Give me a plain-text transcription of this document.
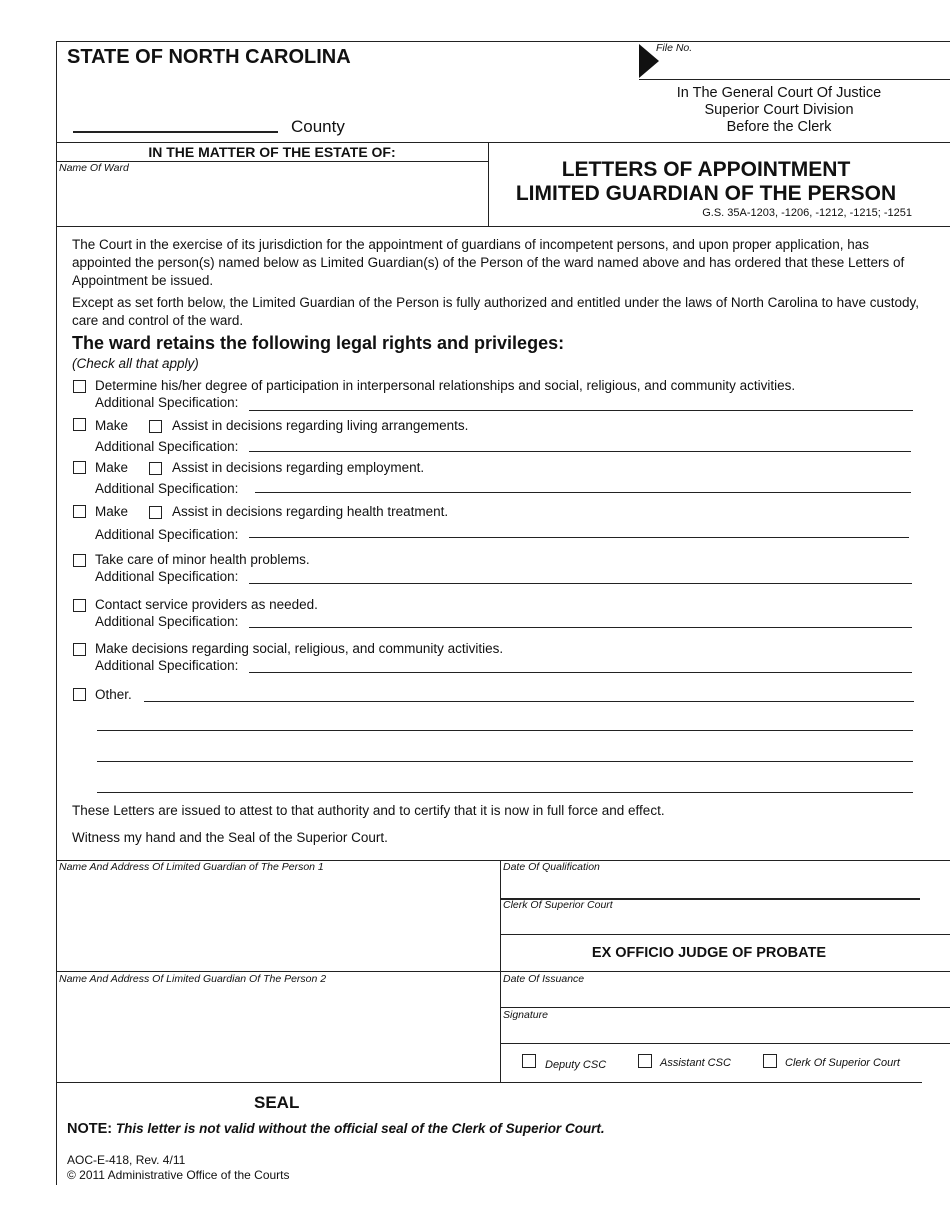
STATE OF NORTH CAROLINA
County
File No.
In The General Court Of Justice
Superior Court Division
Before the Clerk
IN THE MATTER OF THE ESTATE OF:
Name Of Ward	LETTERS OF APPOINTMENT
LIMITED GUARDIAN OF THE PERSON
G.S. 35A-1203, -1206, -1212, -1215; -1251
The Court in the exercise of its jurisdiction for the appointment of guardians of incompetent persons, and upon proper application, has appointed the person(s) named below as Limited Guardian(s) of the Person of the ward named above and has ordered that these Letters of Appointment be issued.
Except as set forth below, the Limited Guardian of the Person is fully authorized and entitled under the laws of North Carolina to have custody, care and control of the ward.
The ward retains the following legal rights and privileges:
(Check all that apply)
Determine his/her degree of participation in interpersonal relationships and social, religious, and community activities.
Additional Specification:
Make	Assist in decisions regarding living arrangements.
Additional Specification:
Make	Assist in decisions regarding employment.
Additional Specification:
Make	Assist in decisions regarding health treatment.
Additional Specification:
Take care of minor health problems.
Additional Specification:
Contact service providers as needed.
Additional Specification:
Make decisions regarding social, religious, and community activities.
Additional Specification:
Other.
These Letters are issued to attest to that authority and to certify that it is now in full force and effect.
Witness my hand and the Seal of the Superior Court.
Name And Address Of Limited Guardian of The Person 1
Name And Address Of Limited Guardian Of The Person 2
Date Of Qualification
Clerk Of Superior Court
EX OFFICIO JUDGE OF PROBATE
Date Of Issuance
Signature
Deputy CSC	Assistant CSC	Clerk Of Superior Court
SEAL
NOTE: This letter is not valid without the official seal of the Clerk of Superior Court.
AOC-E-418, Rev. 4/11
© 2011 Administrative Office of the Courts
